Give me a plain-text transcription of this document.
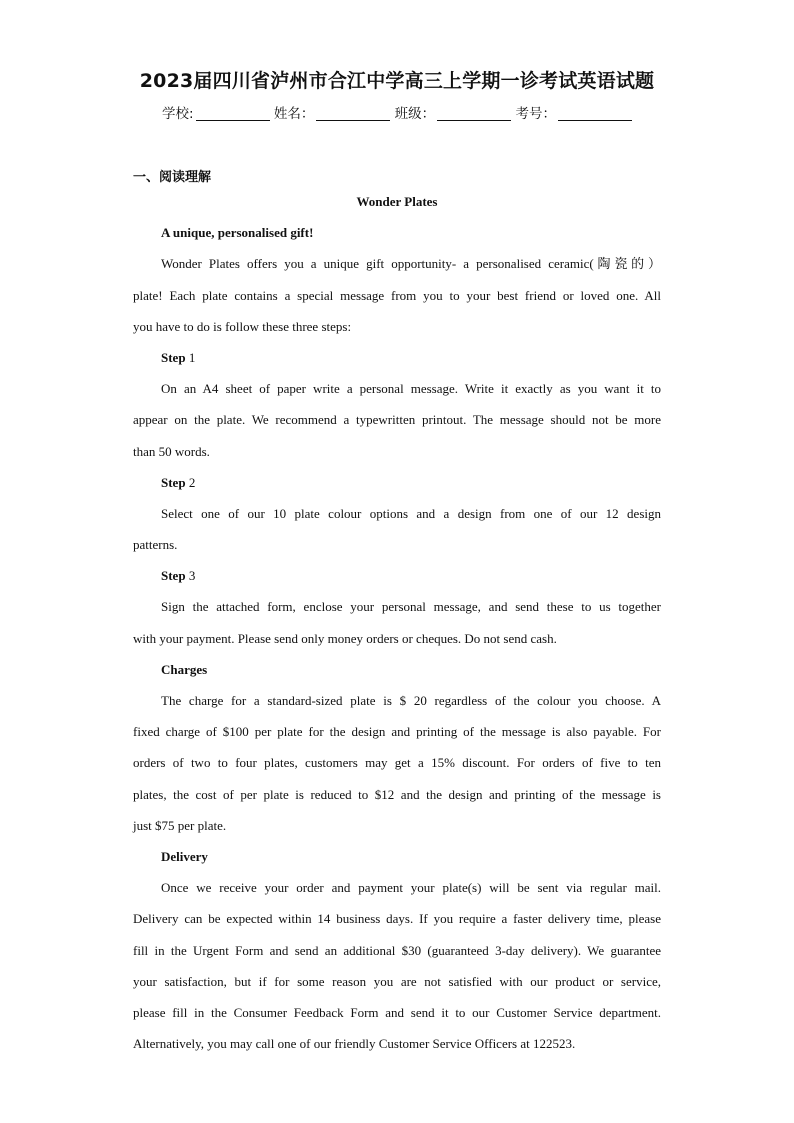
2023届四川省泸州市合江中学高三上学期一诊考试英语试题
学校:	姓名：	班级：	考号：
一、阅读理解
Wonder Plates
A unique, personalised gift!
Wonder Plates offers you a unique gift opportunity- a personalised ceramic(陶瓷的）
plate! Each plate contains a special message from you to your best friend or loved one. All
you have to do is follow these three steps:
Step 1
On an A4 sheet of paper write a personal message. Write it exactly as you want it to
appear on the plate. We recommend a typewritten printout. The message should not be more
than 50 words.
Step 2
Select one of our 10 plate colour options and a design from one of our 12 design
patterns.
Step 3
Sign the attached form, enclose your personal message, and send these to us together
with your payment. Please send only money orders or cheques. Do not send cash.
Charges
The charge for a standard-sized plate is $ 20 regardless of the colour you choose. A
fixed charge of $100 per plate for the design and printing of the message is also payable. For
orders of two to four plates, customers may get a 15% discount. For orders of five to ten
plates, the cost of per plate is reduced to $12 and the design and printing of the message is
just $75 per plate.
Delivery
Once we receive your order and payment your plate(s) will be sent via regular mail.
Delivery can be expected within 14 business days. If you require a faster delivery time, please
fill in the Urgent Form and send an additional $30 (guaranteed 3-day delivery). We guarantee
your satisfaction, but if for some reason you are not satisfied with our product or service,
please fill in the Consumer Feedback Form and send it to our Customer Service department.
Alternatively, you may call one of our friendly Customer Service Officers at 122523.
